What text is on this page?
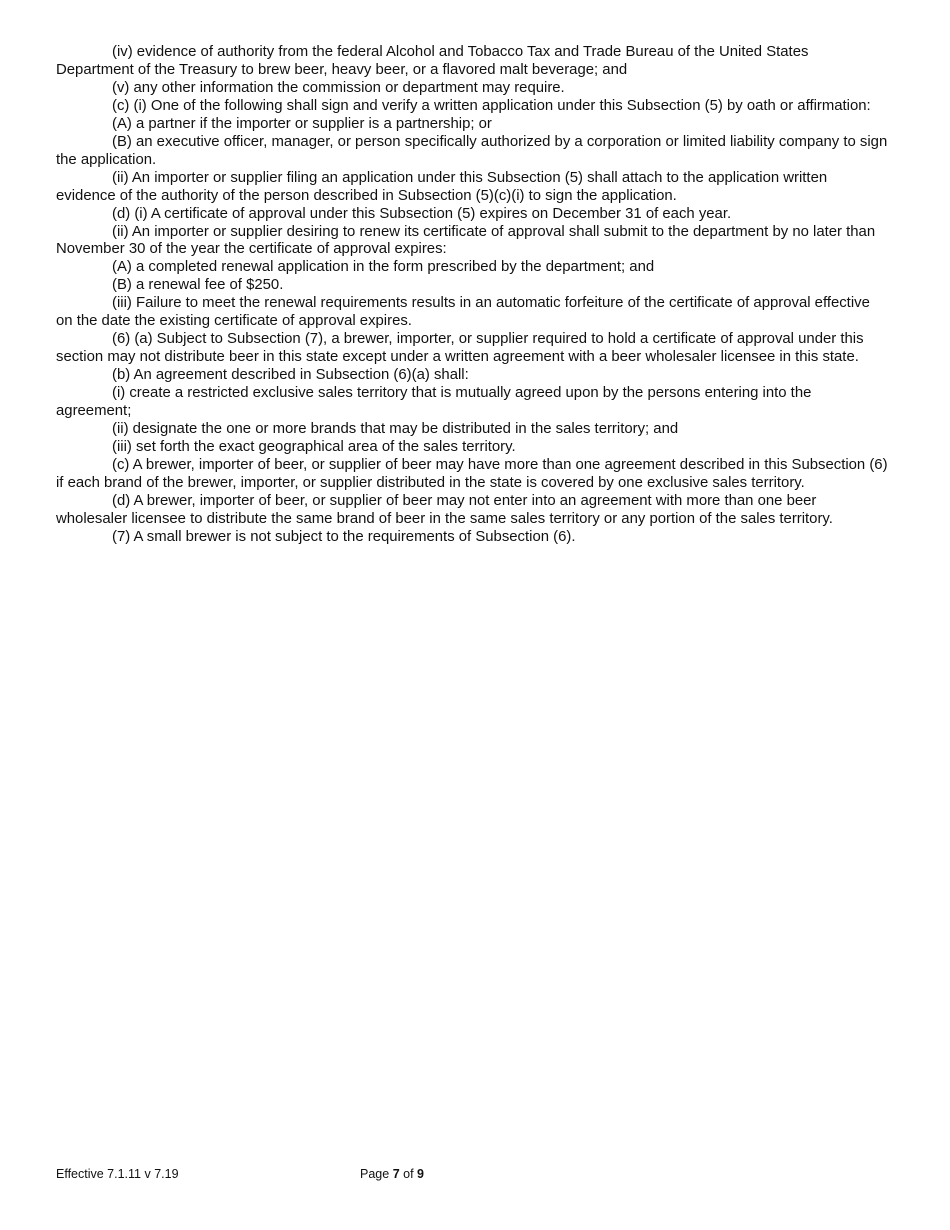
(iv) evidence of authority from the federal Alcohol and Tobacco Tax and Trade Bureau of the United States Department of the Treasury to brew beer, heavy beer, or a flavored malt beverage; and

(v) any other information the commission or department may require.

(c) (i) One of the following shall sign and verify a written application under this Subsection (5) by oath or affirmation:

(A) a partner if the importer or supplier is a partnership; or

(B) an executive officer, manager, or person specifically authorized by a corporation or limited liability company to sign the application.

(ii) An importer or supplier filing an application under this Subsection (5) shall attach to the application written evidence of the authority of the person described in Subsection (5)(c)(i) to sign the application.

(d) (i) A certificate of approval under this Subsection (5) expires on December 31 of each year.

(ii) An importer or supplier desiring to renew its certificate of approval shall submit to the department by no later than November 30 of the year the certificate of approval expires:

(A) a completed renewal application in the form prescribed by the department; and

(B) a renewal fee of $250.

(iii) Failure to meet the renewal requirements results in an automatic forfeiture of the certificate of approval effective on the date the existing certificate of approval expires.

(6) (a) Subject to Subsection (7), a brewer, importer, or supplier required to hold a certificate of approval under this section may not distribute beer in this state except under a written agreement with a beer wholesaler licensee in this state.

(b) An agreement described in Subsection (6)(a) shall:

(i) create a restricted exclusive sales territory that is mutually agreed upon by the persons entering into the agreement;

(ii) designate the one or more brands that may be distributed in the sales territory; and

(iii) set forth the exact geographical area of the sales territory.

(c) A brewer, importer of beer, or supplier of beer may have more than one agreement described in this Subsection (6) if each brand of the brewer, importer, or supplier distributed in the state is covered by one exclusive sales territory.

(d) A brewer, importer of beer, or supplier of beer may not enter into an agreement with more than one beer wholesaler licensee to distribute the same brand of beer in the same sales territory or any portion of the sales territory.

(7) A small brewer is not subject to the requirements of Subsection (6).

Effective 7.1.11 v 7.19	Page 7 of 9
